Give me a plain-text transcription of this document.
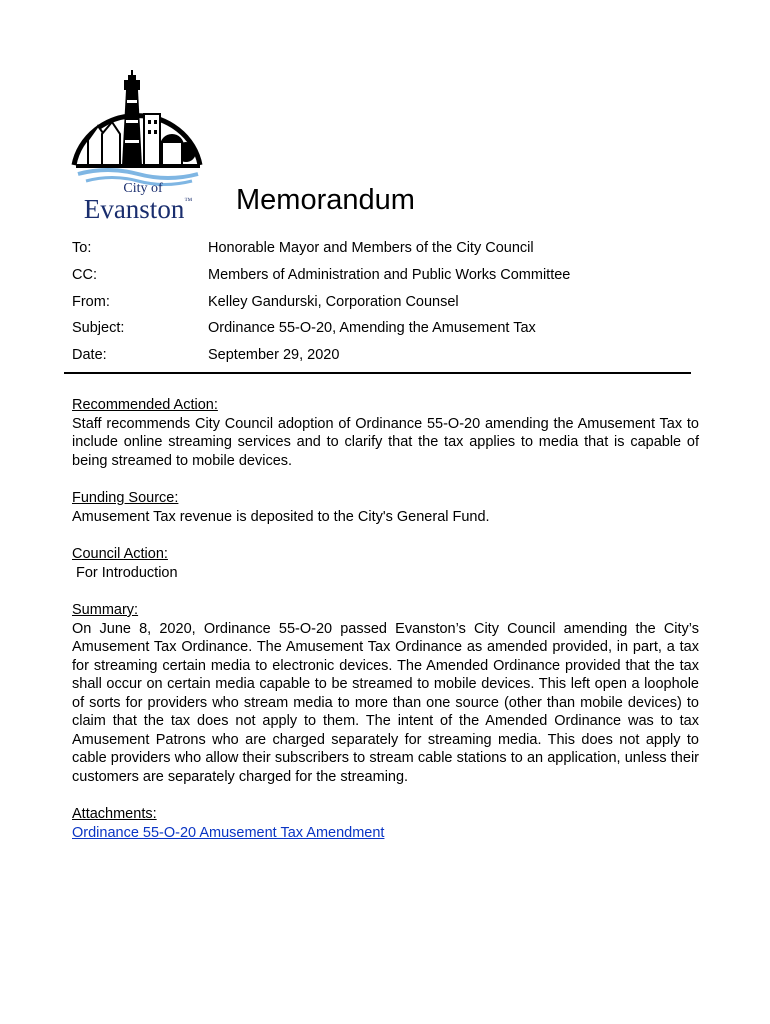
City of
Evanston™	Memorandum
To:	Honorable Mayor and Members of the City Council
CC:	Members of Administration and Public Works Committee
From:	Kelley Gandurski, Corporation Counsel
Subject:	Ordinance 55-O-20, Amending the Amusement Tax
Date:	September 29, 2020
Recommended Action:
Staff recommends City Council adoption of Ordinance 55-O-20 amending the Amusement Tax to include online streaming services and to clarify that the tax applies to media that is capable of being streamed to mobile devices.
Funding Source:
Amusement Tax revenue is deposited to the City's General Fund.
Council Action:
For Introduction
Summary:
On June 8, 2020, Ordinance 55-O-20 passed Evanston’s City Council amending the City’s Amusement Tax Ordinance. The Amusement Tax Ordinance as amended provided, in part, a tax for streaming certain media to electronic devices. The Amended Ordinance provided that the tax shall occur on certain media capable to be streamed to mobile devices. This left open a loophole of sorts for providers who stream media to more than one source (other than mobile devices) to claim that the tax does not apply to them. The intent of the Amended Ordinance was to tax Amusement Patrons who are charged separately for streaming media. This does not apply to cable providers who allow their subscribers to stream cable stations to an application, unless their customers are separately charged for the streaming.
Attachments:
Ordinance 55-O-20 Amusement Tax Amendment
